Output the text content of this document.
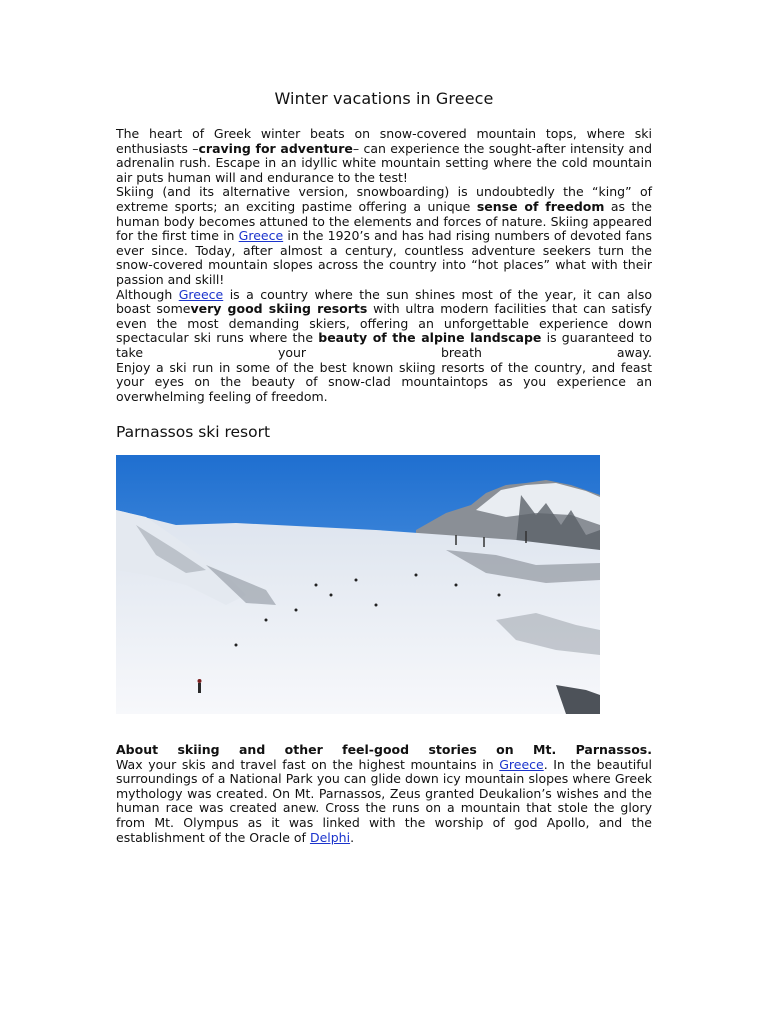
Winter vacations in Greece

The heart of Greek winter beats on snow-covered mountain tops, where ski enthusiasts –craving for adventure– can experience the sought-after intensity and adrenalin rush. Escape in an idyllic white mountain setting where the cold mountain air puts human will and endurance to the test!

Skiing (and its alternative version, snowboarding) is undoubtedly the “king” of extreme sports; an exciting pastime offering a unique sense of freedom as the human body becomes attuned to the elements and forces of nature. Skiing appeared for the first time in Greece in the 1920’s and has had rising numbers of devoted fans ever since. Today, after almost a century, countless adventure seekers turn the snow-covered mountain slopes across the country into “hot places” what with their passion and skill!

Although Greece is a country where the sun shines most of the year, it can also boast somevery good skiing resorts with ultra modern facilities that can satisfy even the most demanding skiers, offering an unforgettable experience down spectacular ski runs where the beauty of the alpine landscape is guaranteed to take your breath away.

Enjoy a ski run in some of the best known skiing resorts of the country, and feast your eyes on the beauty of snow-clad mountaintops as you experience an overwhelming feeling of freedom.

Parnassos ski resort

About skiing and other feel-good stories on Mt. Parnassos.
Wax your skis and travel fast on the highest mountains in Greece. In the beautiful surroundings of a National Park you can glide down icy mountain slopes where Greek mythology was created. On Mt. Parnassos, Zeus granted Deukalion’s wishes and the human race was created anew. Cross the runs on a mountain that stole the glory from Mt. Olympus as it was linked with the worship of god Apollo, and the establishment of the Oracle of Delphi.
